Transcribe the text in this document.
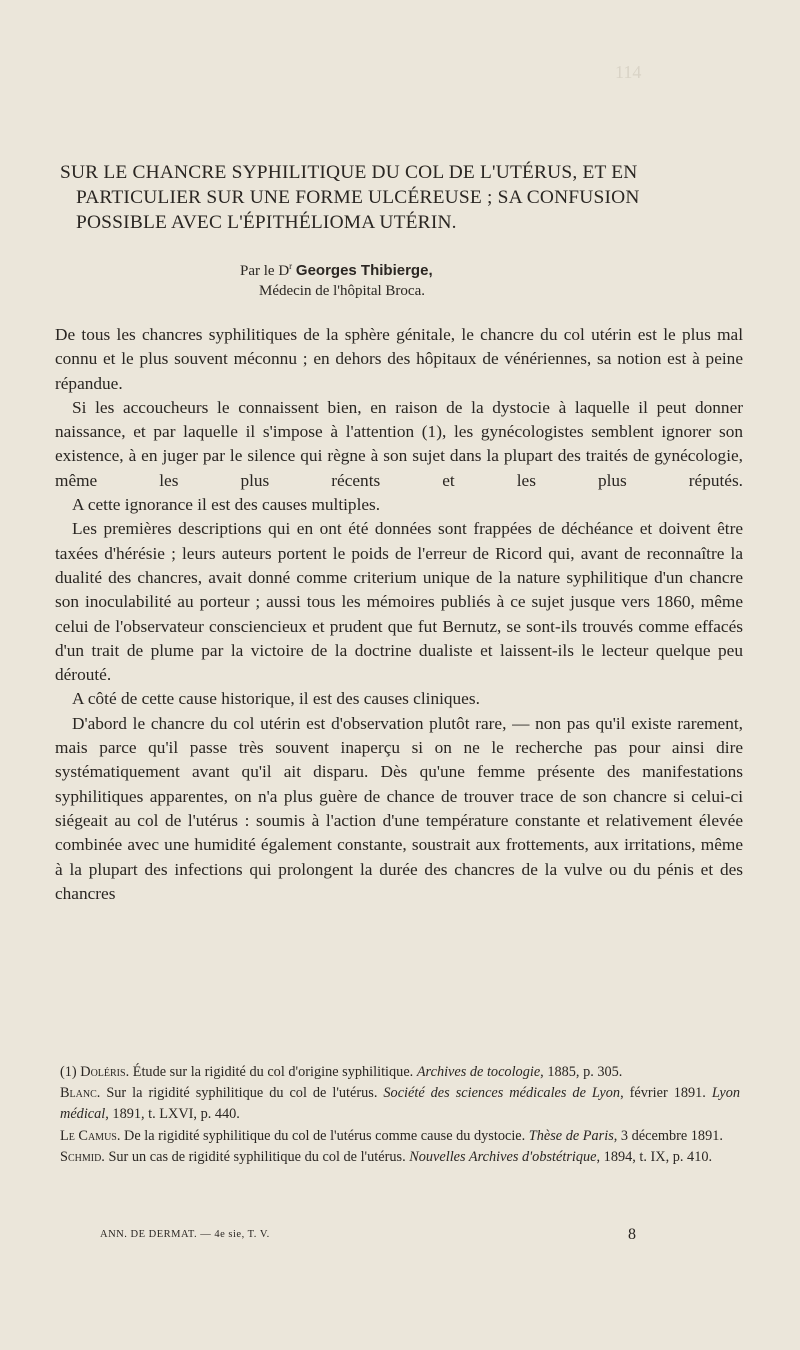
114
SUR LE CHANCRE SYPHILITIQUE DU COL DE L'UTÉRUS, ET EN
PARTICULIER SUR UNE FORME ULCÉREUSE ; SA CONFUSION
POSSIBLE AVEC L'ÉPITHÉLIOMA UTÉRIN.
Par le $D^r$ Georges Thibierge,
Médecin de l'hôpital Broca.

De tous les chancres syphilitiques de la sphère génitale, le chancre du col utérin est le plus mal connu et le plus souvent méconnu ; en dehors des hôpitaux de vénériennes, sa notion est à peine répandue.

Si les accoucheurs le connaissent bien, en raison de la dystocie à laquelle il peut donner naissance, et par laquelle il s'impose à l'attention (1), les gynécologistes semblent ignorer son existence, à en juger par le silence qui règne à son sujet dans la plupart des traités de gynécologie, même les plus récents et les plus réputés.

A cette ignorance il est des causes multiples.

Les premières descriptions qui en ont été données sont frappées de déchéance et doivent être taxées d'hérésie ; leurs auteurs portent le poids de l'erreur de Ricord qui, avant de reconnaître la dualité des chancres, avait donné comme criterium unique de la nature syphilitique d'un chancre son inoculabilité au porteur ; aussi tous les mémoires publiés à ce sujet jusque vers 1860, même celui de l'observateur consciencieux et prudent que fut Bernutz, se sont-ils trouvés comme effacés d'un trait de plume par la victoire de la doctrine dualiste et laissent-ils le lecteur quelque peu dérouté.

A côté de cette cause historique, il est des causes cliniques.

D'abord le chancre du col utérin est d'observation plutôt rare, — non pas qu'il existe rarement, mais parce qu'il passe très souvent inaperçu si on ne le recherche pas pour ainsi dire systématiquement avant qu'il ait disparu. Dès qu'une femme présente des manifestations syphilitiques apparentes, on n'a plus guère de chance de trouver trace de son chancre si celui-ci siégeait au col de l'utérus : soumis à l'action d'une température constante et relativement élevée combinée avec une humidité également constante, soustrait aux frottements, aux irritations, même à la plupart des infections qui prolongent la durée des chancres de la vulve ou du pénis et des chancres

(1) Doléris. Étude sur la rigidité du col d'origine syphilitique. Archives de tocologie, 1885, p. 305.

Blanc. Sur la rigidité syphilitique du col de l'utérus. Société des sciences médicales de Lyon, février 1891. Lyon médical, 1891, t. LXVI, p. 440.

Le Camus. De la rigidité syphilitique du col de l'utérus comme cause du dystocie. Thèse de Paris, 3 décembre 1891.

Schmid. Sur un cas de rigidité syphilitique du col de l'utérus. Nouvelles Archives d'obstétrique, 1894, t. IX, p. 410.

ANN. DE DERMAT. — 4e sie, T. V.	8
